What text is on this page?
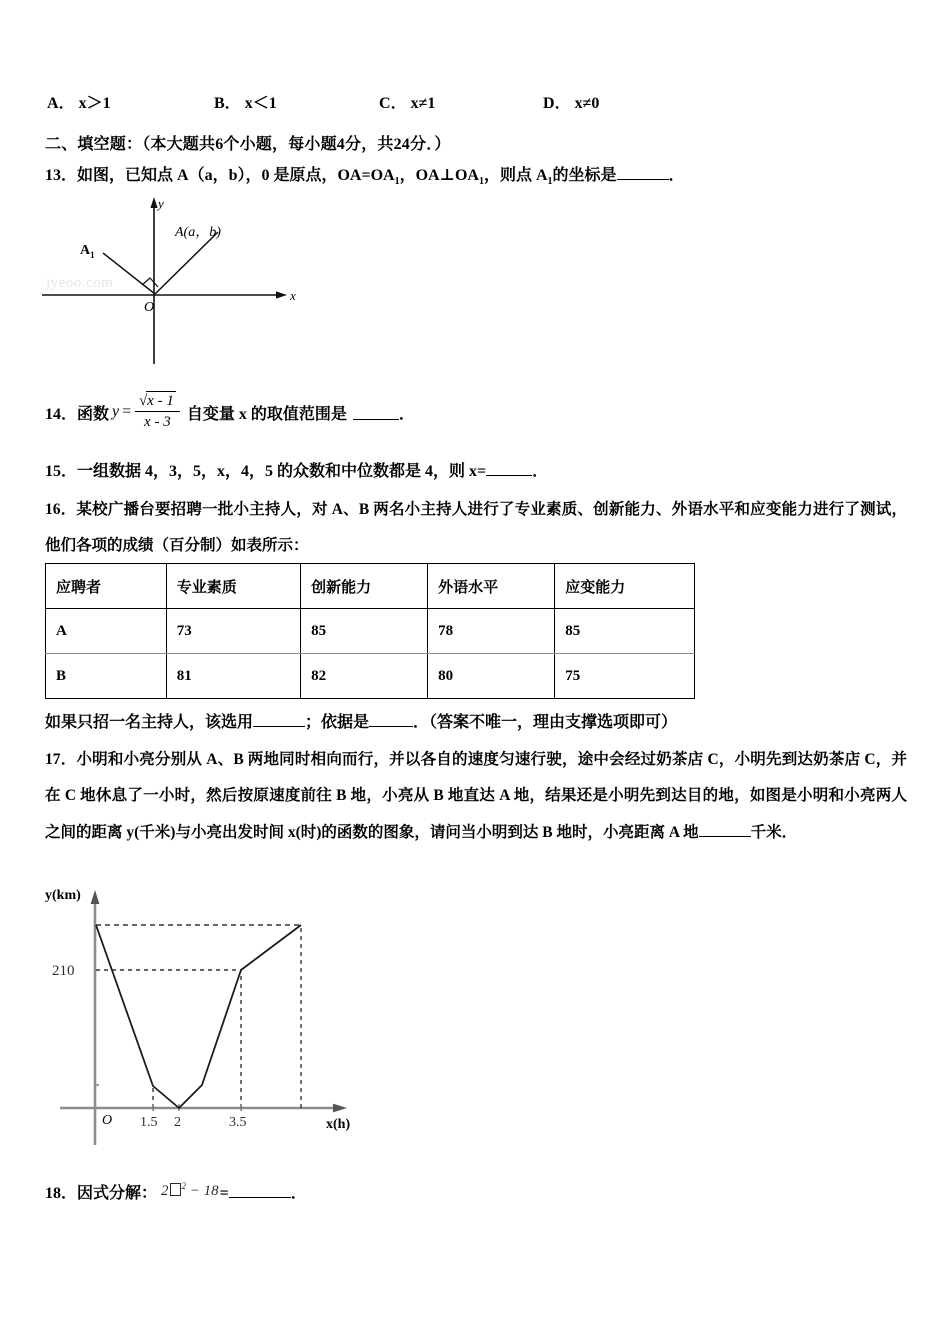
A． x＞1	B． x＜1	C． x≠1	D． x≠0
二、填空题：（本大题共6个小题，每小题4分，共24分．）
13．如图，已知点 A（a，b），0 是原点，$OA=OA_1$，$OA\perp OA_1$，则点 $A_1$的坐标是	．
A(a，b)
$A_1$
O
x
y
jyeoo.com
14． 函数 $y = \frac{√x - 1}{x - 3}$ 自变量 x 的取值范围是	．
15．一组数据 4，3，5，x，4，5 的众数和中位数都是 4，则 x=	．
16．某校广播台要招聘一批小主持人，对 A、B 两名小主持人进行了专业素质、创新能力、外语水平和应变能力进行了测试，他们各项的成绩（百分制）如表所示：
应聘者	专业素质	创新能力	外语水平	应变能力
A	73	85	78	85
B	81	82	80	75
如果只招一名主持人，该选用	；依据是	．（答案不唯一，理由支撑选项即可）
17．小明和小亮分别从 A、B 两地同时相向而行，并以各自的速度匀速行驶，途中会经过奶茶店 C，小明先到达奶茶店 C，并在 C 地休息了一小时，然后按原速度前往 B 地，小亮从 B 地直达 A 地，结果还是小明先到达目的地，如图是小明和小亮两人之间的距离 y(千米)与小亮出发时间 x(时)的函数的图象，请问当小明到达 B 地时，小亮距离 A 地	千米．
y(km)
210
O 1.5 2	3.5	x(h)
18．因式分解： 2 $^2$ − 18 =	．
